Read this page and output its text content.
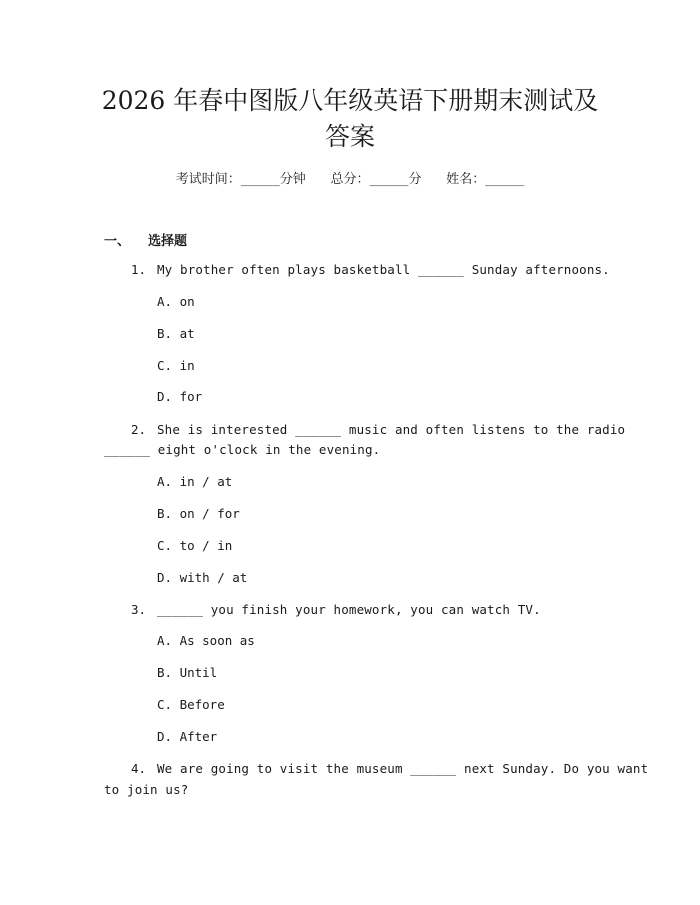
2026 年春中图版八年级英语下册期末测试及
答案
考试时间：______分钟      总分：______分      姓名：______
一、 选择题
1. My brother often plays basketball ______ Sunday afternoons.
A. on
B. at
C. in
D. for
2. She is interested ______ music and often listens to the radio
______ eight o'clock in the evening.
A. in / at
B. on / for
C. to / in
D. with / at
3. ______ you finish your homework, you can watch TV.
A. As soon as
B. Until
C. Before
D. After
4. We are going to visit the museum ______ next Sunday. Do you want
to join us?
